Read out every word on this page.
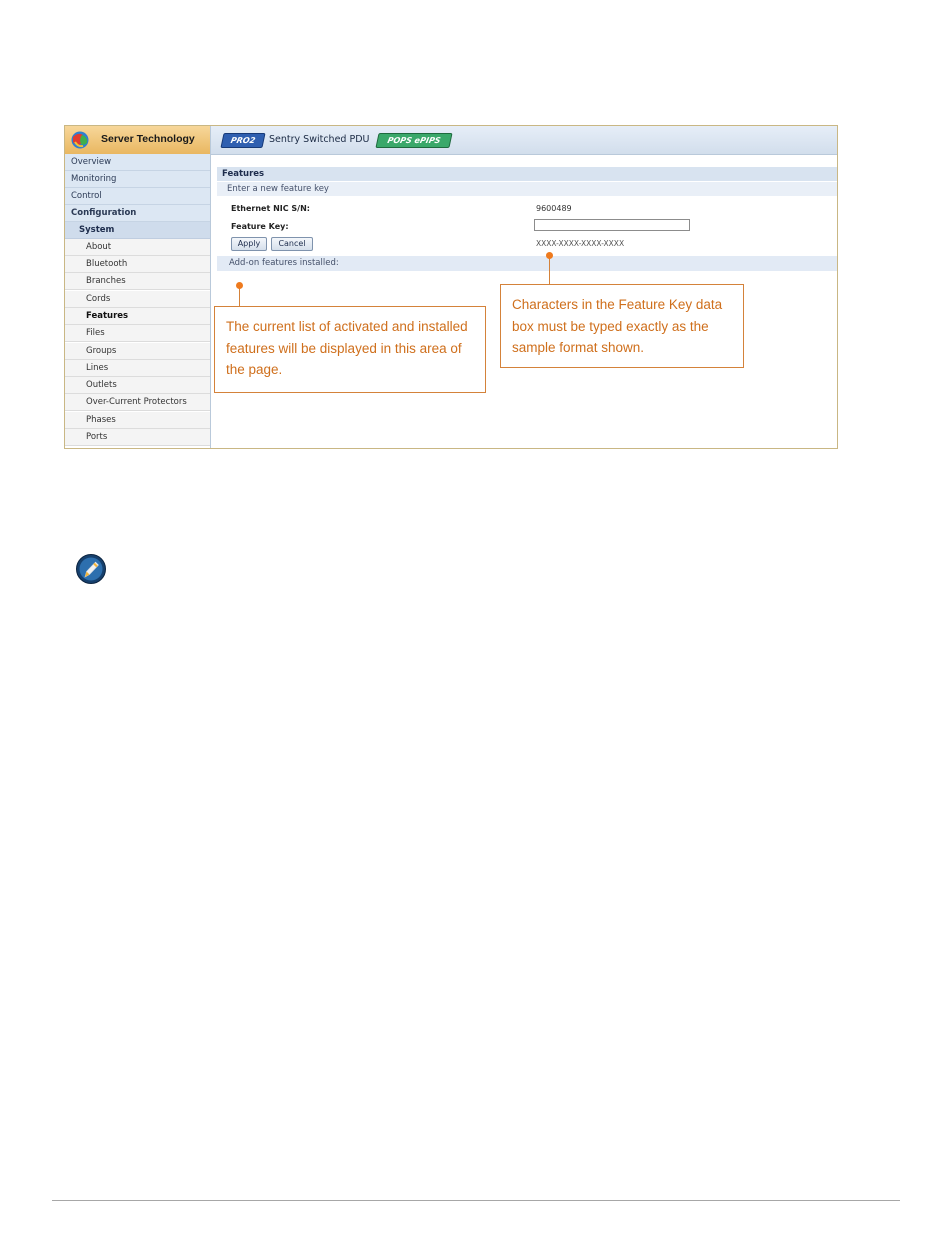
Server Technology
Overview
Monitoring
Control
Configuration
System
About
Bluetooth
Branches
Cords
Features
Files
Groups
Lines
Outlets
Over-Current Protectors
Phases
Ports
PRO2	Sentry Switched PDU	POPS ePIPS
Features
Enter a new feature key
Ethernet NIC S/N:	9600489
Feature Key:
Apply	Cancel	XXXX-XXXX-XXXX-XXXX
Add-on features installed:
The current list of activated and installed features will be displayed in this area of the page.
Characters in the Feature Key data box must be typed exactly as the sample format shown.
